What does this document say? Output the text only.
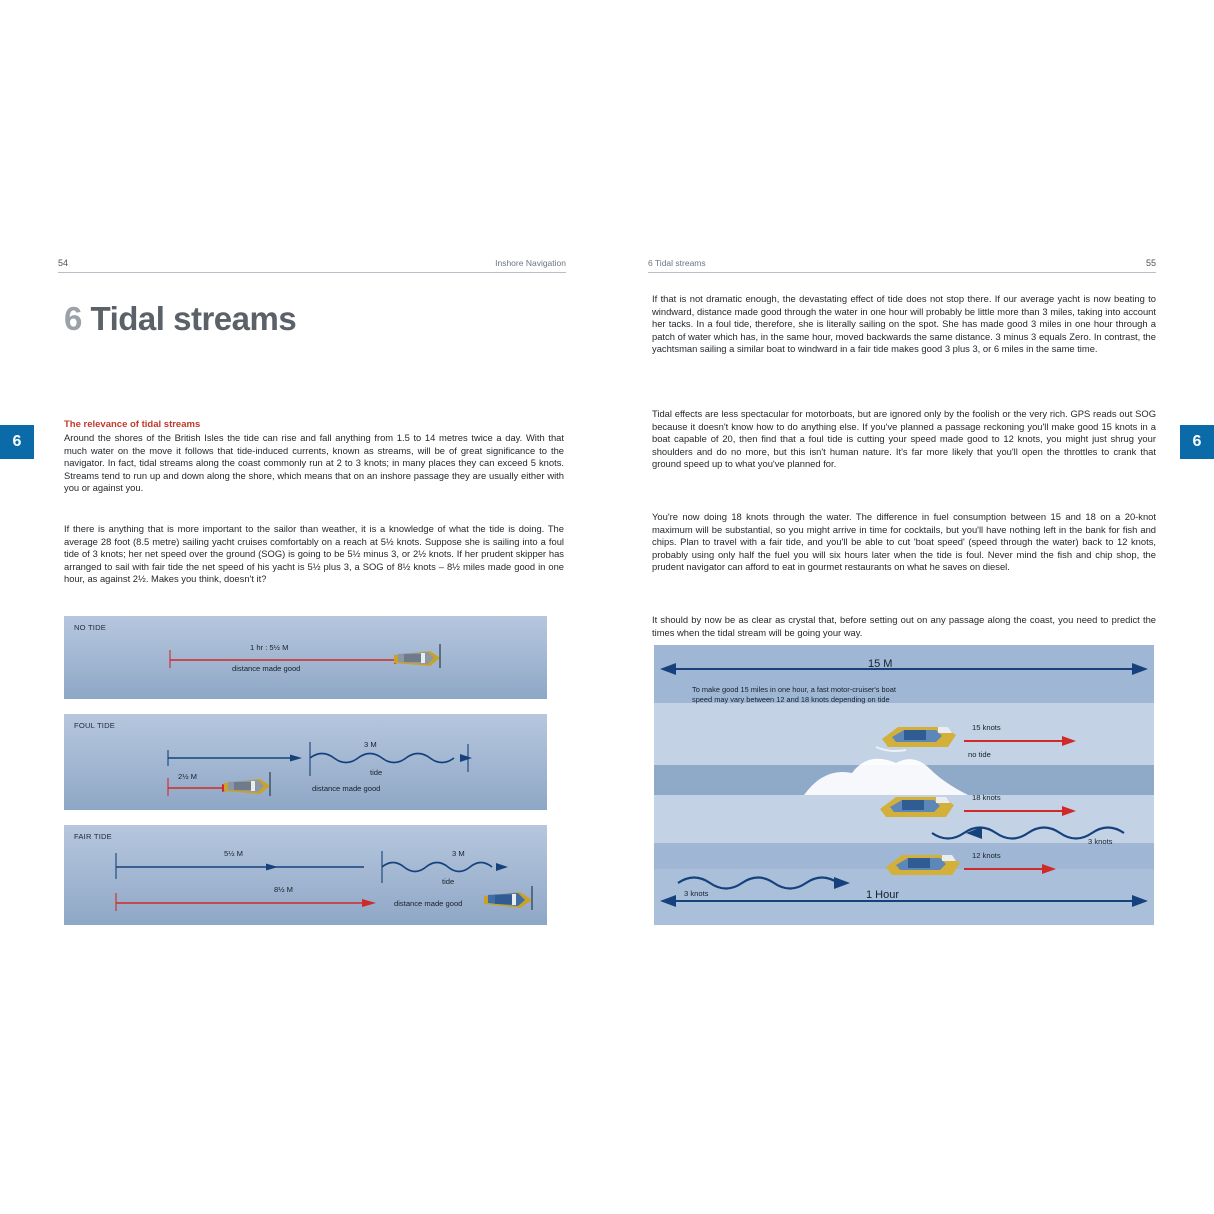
54	Inshore Navigation
6 Tidal streams
The relevance of tidal streams
Around the shores of the British Isles the tide can rise and fall anything from 1.5 to 14 metres twice a day. With that much water on the move it follows that tide-induced currents, known as streams, will be of great significance to the navigator. In fact, tidal streams along the coast commonly run at 2 to 3 knots; in many places they can exceed 5 knots. Streams tend to run up and down along the shore, which means that on an inshore passage they are usually either with you or against you.
If there is anything that is more important to the sailor than weather, it is a knowledge of what the tide is doing. The average 28 foot (8.5 metre) sailing yacht cruises comfortably on a reach at 5½ knots. Suppose she is sailing into a foul tide of 3 knots; her net speed over the ground (SOG) is going to be 5½ minus 3, or 2½ knots. If her prudent skipper has arranged to sail with fair tide the net speed of his yacht is 5½ plus 3, a SOG of 8½ knots – 8½ miles made good in one hour, as against 2½. Makes you think, doesn't it?
NO TIDE
1 hr : 5½ M
distance made good
FOUL TIDE
3 M
tide
2½ M
distance made good
FAIR TIDE
5½ M	3 M
tide
8½ M
distance made good
6 Tidal streams	55
If that is not dramatic enough, the devastating effect of tide does not stop there. If our average yacht is now beating to windward, distance made good through the water in one hour will probably be little more than 3 miles, taking into account her tacks. In a foul tide, therefore, she is literally sailing on the spot. She has made good 3 miles in one hour through a patch of water which has, in the same hour, moved backwards the same distance. 3 minus 3 equals Zero. In contrast, the yachtsman sailing a similar boat to windward in a fair tide makes good 3 plus 3, or 6 miles in the same time.
Tidal effects are less spectacular for motorboats, but are ignored only by the foolish or the very rich. GPS reads out SOG because it doesn't know how to do anything else. If you've planned a passage reckoning you'll make good 15 knots in a boat capable of 20, then find that a foul tide is cutting your speed made good to 12 knots, you might just shrug your shoulders and do no more, but this isn't human nature. It's far more likely that you'll open the throttles to crank that ground speed up to what you've planned for.
You're now doing 18 knots through the water. The difference in fuel consumption between 15 and 18 on a 20-knot maximum will be substantial, so you might arrive in time for cocktails, but you'll have nothing left in the bank for fish and chips. Plan to travel with a fair tide, and you'll be able to cut 'boat speed' (speed through the water) back to 12 knots, probably using only half the fuel you will six hours later when the tide is foul. Never mind the fish and chip shop, the prudent navigator can afford to eat in gourmet restaurants on what he saves on diesel.
It should by now be as clear as crystal that, before setting out on any passage along the coast, you need to predict the times when the tidal stream will be going your way.
15 M
1 Hour
To make good 15 miles in one hour, a fast motor-cruiser's boat speed may vary between 12 and 18 knots depending on tide
15 knots
no tide
18 knots
3 knots
12 knots
3 knots
6	6
